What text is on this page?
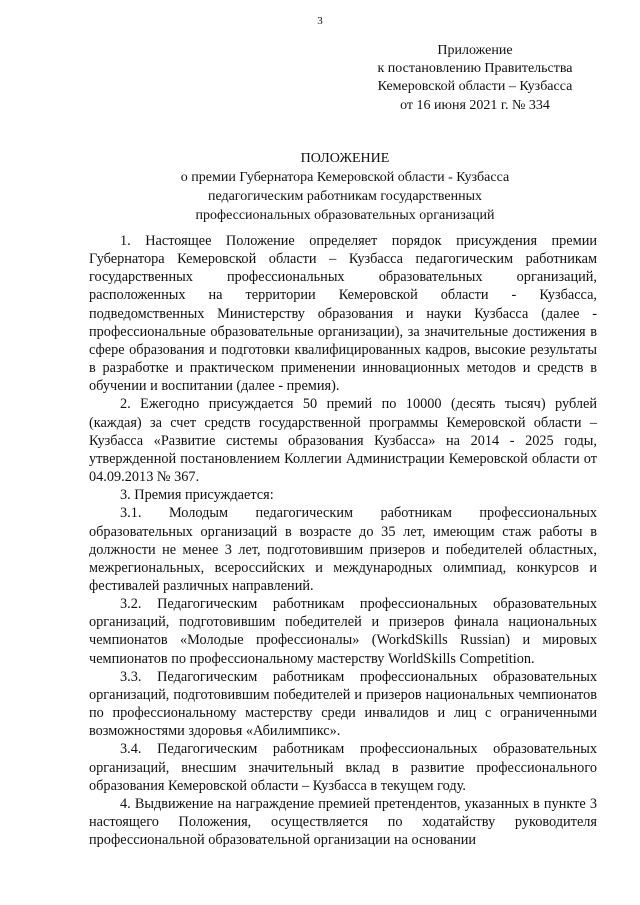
3
Приложение
к постановлению Правительства
Кемеровской области – Кузбасса
от 16 июня 2021 г. № 334
ПОЛОЖЕНИЕ
о премии Губернатора Кемеровской области - Кузбасса
педагогическим работникам государственных
профессиональных образовательных организаций

1. Настоящее Положение определяет порядок присуждения премии Губернатора Кемеровской области – Кузбасса педагогическим работникам государственных профессиональных образовательных организаций, расположенных на территории Кемеровской области - Кузбасса, подведомственных Министерству образования и науки Кузбасса (далее - профессиональные образовательные организации), за значительные достижения в сфере образования и подготовки квалифицированных кадров, высокие результаты в разработке и практическом применении инновационных методов и средств в обучении и воспитании (далее - премия).

2. Ежегодно присуждается 50 премий по 10000 (десять тысяч) рублей (каждая) за счет средств государственной программы Кемеровской области – Кузбасса «Развитие системы образования Кузбасса» на 2014 - 2025 годы, утвержденной постановлением Коллегии Администрации Кемеровской области от 04.09.2013 № 367.

3. Премия присуждается:

3.1. Молодым педагогическим работникам профессиональных образовательных организаций в возрасте до 35 лет, имеющим стаж работы в должности не менее 3 лет, подготовившим призеров и победителей областных, межрегиональных, всероссийских и международных олимпиад, конкурсов и фестивалей различных направлений.

3.2. Педагогическим работникам профессиональных образовательных организаций, подготовившим победителей и призеров финала национальных чемпионатов «Молодые профессионалы» (WorkdSkills Russian) и мировых чемпионатов по профессиональному мастерству WorldSkills Competition.

3.3. Педагогическим работникам профессиональных образовательных организаций, подготовившим победителей и призеров национальных чемпионатов по профессиональному мастерству среди инвалидов и лиц с ограниченными возможностями здоровья «Абилимпикс».

3.4. Педагогическим работникам профессиональных образовательных организаций, внесшим значительный вклад в развитие профессионального образования Кемеровской области – Кузбасса в текущем году.

4. Выдвижение на награждение премией претендентов, указанных в пункте 3 настоящего Положения, осуществляется по ходатайству руководителя профессиональной образовательной организации на основании
